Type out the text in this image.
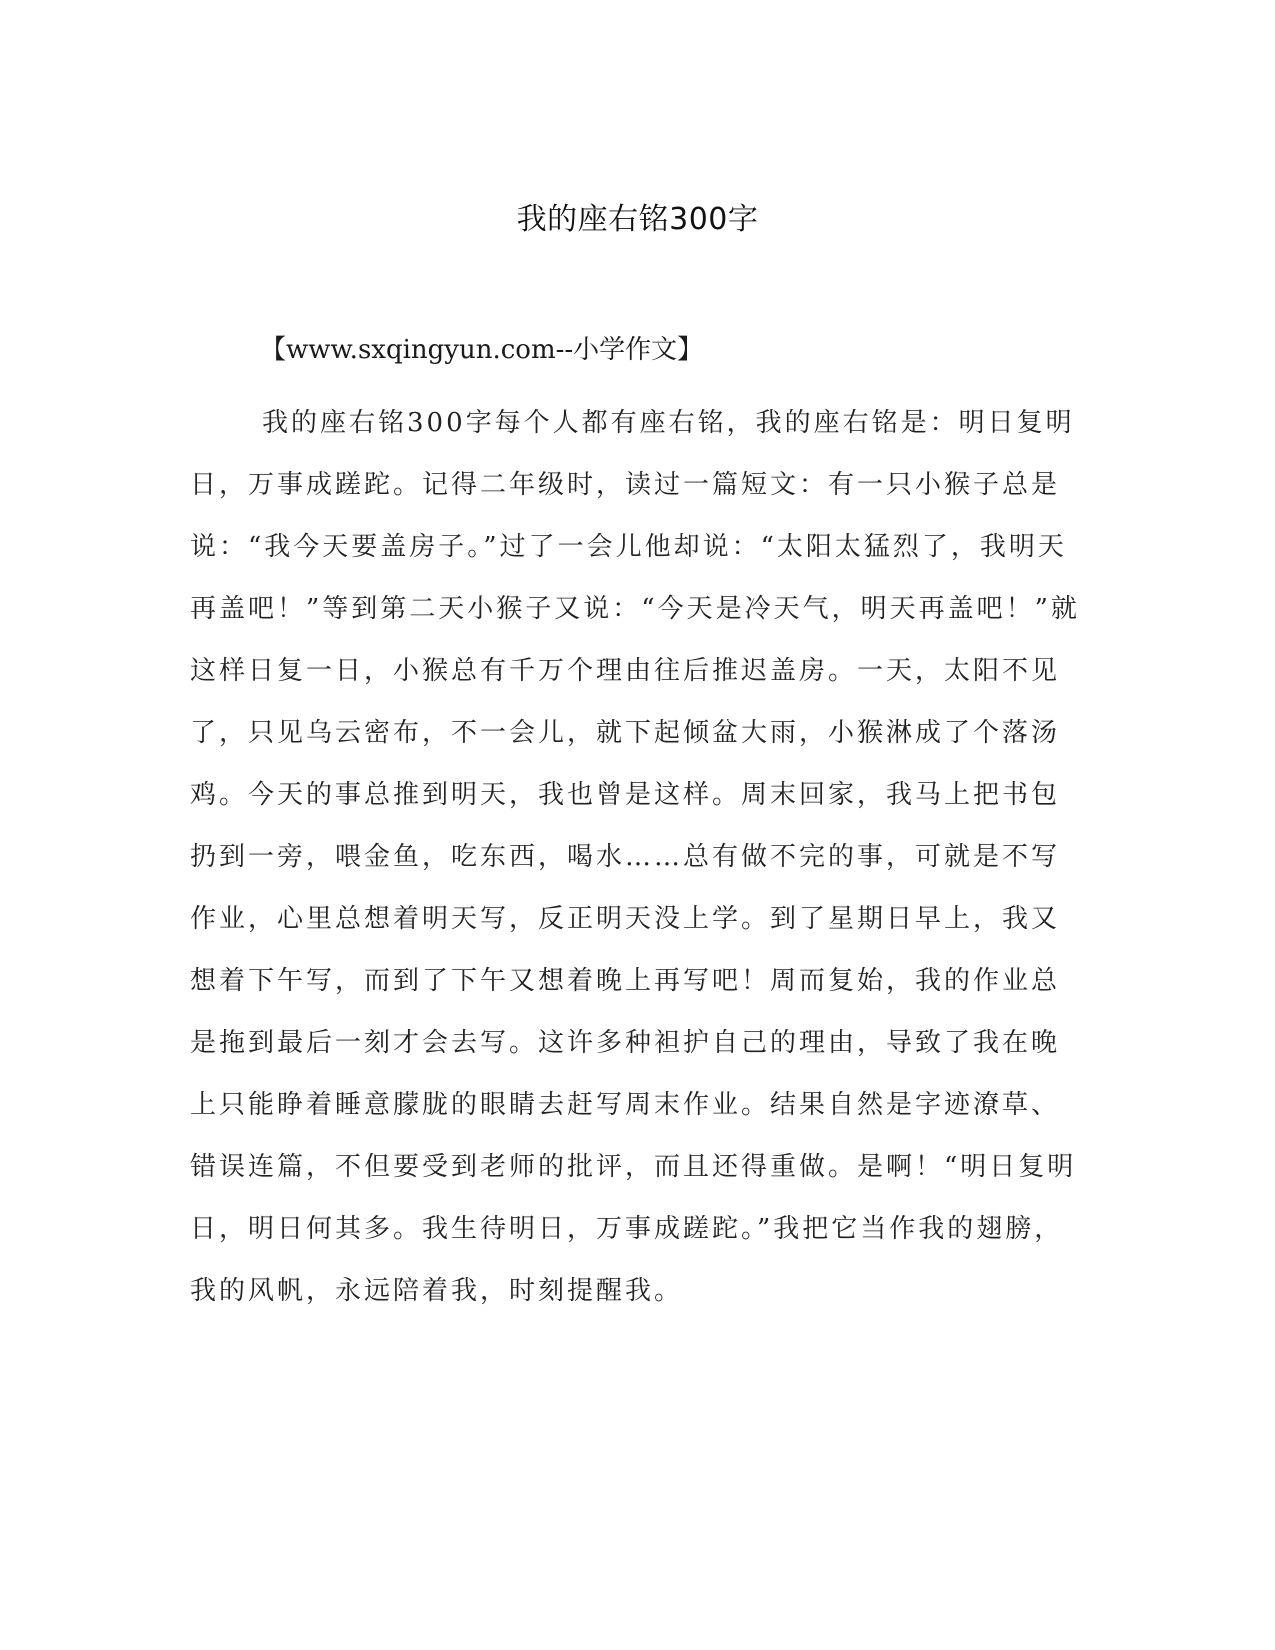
我的座右铭300字
【www.sxqingyun.com--小学作文】
我的座右铭300字每个人都有座右铭，我的座右铭是：明日复明
日，万事成蹉跎。记得二年级时，读过一篇短文：有一只小猴子总是
说：“我今天要盖房子。”过了一会儿他却说：“太阳太猛烈了，我明天
再盖吧！”等到第二天小猴子又说：“今天是冷天气，明天再盖吧！”就
这样日复一日，小猴总有千万个理由往后推迟盖房。一天，太阳不见
了，只见乌云密布，不一会儿，就下起倾盆大雨，小猴淋成了个落汤
鸡。今天的事总推到明天，我也曾是这样。周末回家，我马上把书包
扔到一旁，喂金鱼，吃东西，喝水……总有做不完的事，可就是不写
作业，心里总想着明天写，反正明天没上学。到了星期日早上，我又
想着下午写，而到了下午又想着晚上再写吧！周而复始，我的作业总
是拖到最后一刻才会去写。这许多种袒护自己的理由，导致了我在晚
上只能睁着睡意朦胧的眼睛去赶写周末作业。结果自然是字迹潦草、
错误连篇，不但要受到老师的批评，而且还得重做。是啊！“明日复明
日，明日何其多。我生待明日，万事成蹉跎。”我把它当作我的翅膀，
我的风帆，永远陪着我，时刻提醒我。
